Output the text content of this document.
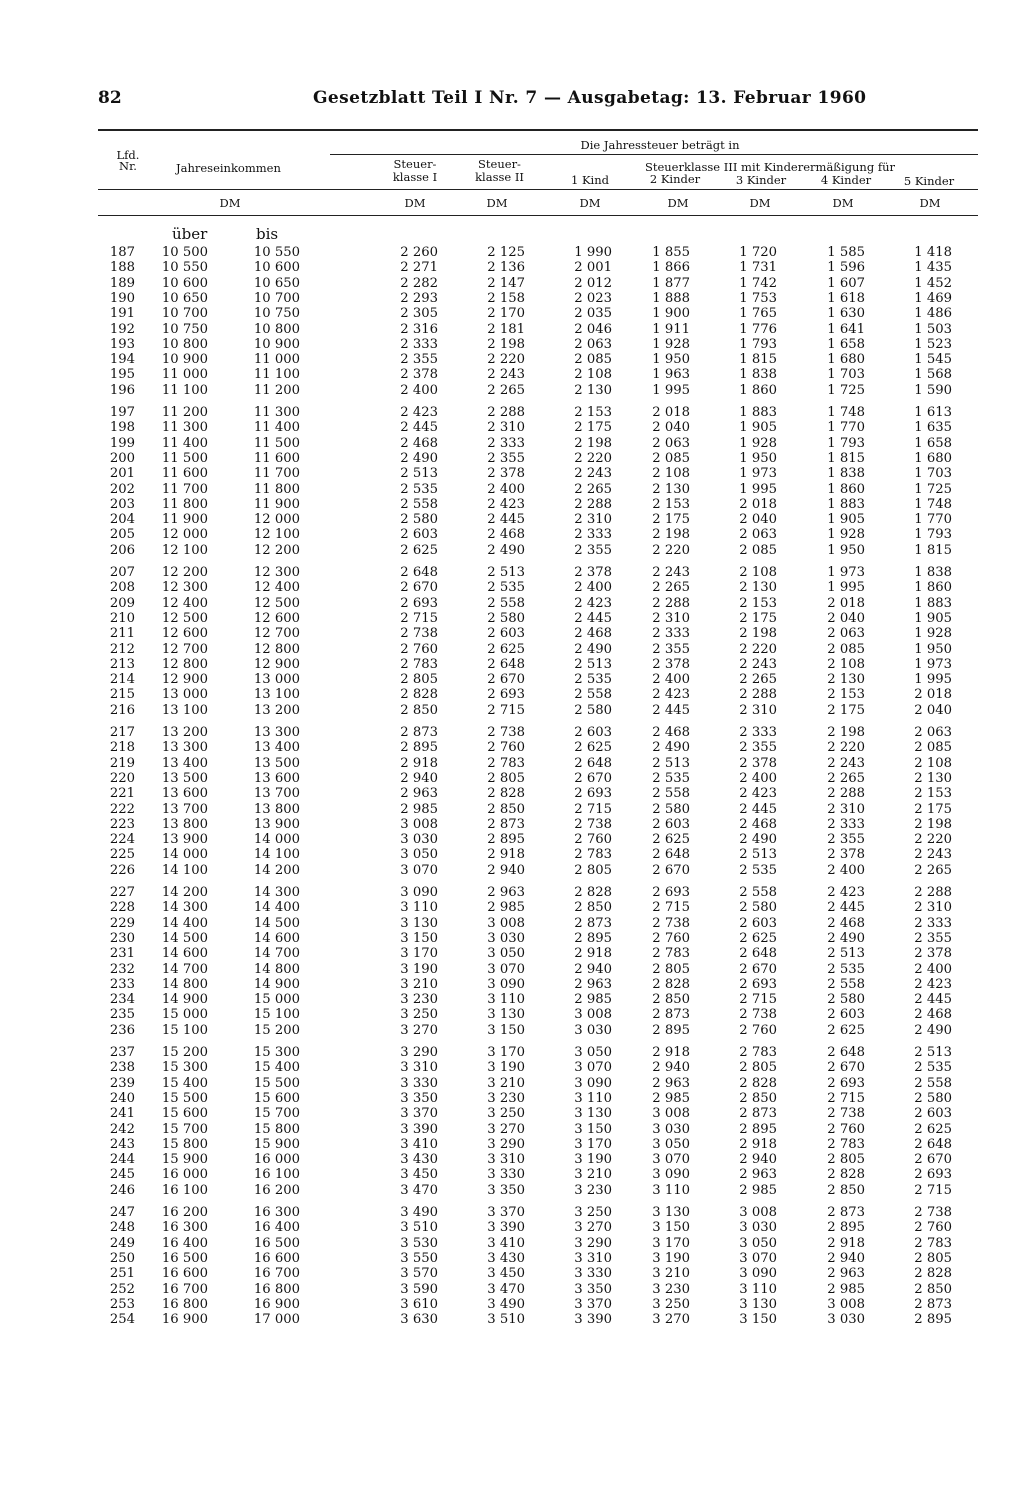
82	Gesetzblatt Teil I Nr. 7 — Ausgabetag: 13. Februar 1960
Lfd.
Nr.	Jahreseinkommen
Die Jahressteuer beträgt in
Steuer-
klasse I
Steuer-
klasse II
Steuerklasse III mit Kinderermäßigung für
1 Kind	2 Kinder	3 Kinder	4 Kinder	5 Kinder
DM	DM	DM	DM	DM	DM	DM	DM
über	bis
187	10 500	10 550	2 260	2 125	1 990	1 855	1 720	1 585	1 418
188	10 550	10 600	2 271	2 136	2 001	1 866	1 731	1 596	1 435
189	10 600	10 650	2 282	2 147	2 012	1 877	1 742	1 607	1 452
190	10 650	10 700	2 293	2 158	2 023	1 888	1 753	1 618	1 469
191	10 700	10 750	2 305	2 170	2 035	1 900	1 765	1 630	1 486
192	10 750	10 800	2 316	2 181	2 046	1 911	1 776	1 641	1 503
193	10 800	10 900	2 333	2 198	2 063	1 928	1 793	1 658	1 523
194	10 900	11 000	2 355	2 220	2 085	1 950	1 815	1 680	1 545
195	11 000	11 100	2 378	2 243	2 108	1 963	1 838	1 703	1 568
196	11 100	11 200	2 400	2 265	2 130	1 995	1 860	1 725	1 590
197	11 200	11 300	2 423	2 288	2 153	2 018	1 883	1 748	1 613
198	11 300	11 400	2 445	2 310	2 175	2 040	1 905	1 770	1 635
199	11 400	11 500	2 468	2 333	2 198	2 063	1 928	1 793	1 658
200	11 500	11 600	2 490	2 355	2 220	2 085	1 950	1 815	1 680
201	11 600	11 700	2 513	2 378	2 243	2 108	1 973	1 838	1 703
202	11 700	11 800	2 535	2 400	2 265	2 130	1 995	1 860	1 725
203	11 800	11 900	2 558	2 423	2 288	2 153	2 018	1 883	1 748
204	11 900	12 000	2 580	2 445	2 310	2 175	2 040	1 905	1 770
205	12 000	12 100	2 603	2 468	2 333	2 198	2 063	1 928	1 793
206	12 100	12 200	2 625	2 490	2 355	2 220	2 085	1 950	1 815
207	12 200	12 300	2 648	2 513	2 378	2 243	2 108	1 973	1 838
208	12 300	12 400	2 670	2 535	2 400	2 265	2 130	1 995	1 860
209	12 400	12 500	2 693	2 558	2 423	2 288	2 153	2 018	1 883
210	12 500	12 600	2 715	2 580	2 445	2 310	2 175	2 040	1 905
211	12 600	12 700	2 738	2 603	2 468	2 333	2 198	2 063	1 928
212	12 700	12 800	2 760	2 625	2 490	2 355	2 220	2 085	1 950
213	12 800	12 900	2 783	2 648	2 513	2 378	2 243	2 108	1 973
214	12 900	13 000	2 805	2 670	2 535	2 400	2 265	2 130	1 995
215	13 000	13 100	2 828	2 693	2 558	2 423	2 288	2 153	2 018
216	13 100	13 200	2 850	2 715	2 580	2 445	2 310	2 175	2 040
217	13 200	13 300	2 873	2 738	2 603	2 468	2 333	2 198	2 063
218	13 300	13 400	2 895	2 760	2 625	2 490	2 355	2 220	2 085
219	13 400	13 500	2 918	2 783	2 648	2 513	2 378	2 243	2 108
220	13 500	13 600	2 940	2 805	2 670	2 535	2 400	2 265	2 130
221	13 600	13 700	2 963	2 828	2 693	2 558	2 423	2 288	2 153
222	13 700	13 800	2 985	2 850	2 715	2 580	2 445	2 310	2 175
223	13 800	13 900	3 008	2 873	2 738	2 603	2 468	2 333	2 198
224	13 900	14 000	3 030	2 895	2 760	2 625	2 490	2 355	2 220
225	14 000	14 100	3 050	2 918	2 783	2 648	2 513	2 378	2 243
226	14 100	14 200	3 070	2 940	2 805	2 670	2 535	2 400	2 265
227	14 200	14 300	3 090	2 963	2 828	2 693	2 558	2 423	2 288
228	14 300	14 400	3 110	2 985	2 850	2 715	2 580	2 445	2 310
229	14 400	14 500	3 130	3 008	2 873	2 738	2 603	2 468	2 333
230	14 500	14 600	3 150	3 030	2 895	2 760	2 625	2 490	2 355
231	14 600	14 700	3 170	3 050	2 918	2 783	2 648	2 513	2 378
232	14 700	14 800	3 190	3 070	2 940	2 805	2 670	2 535	2 400
233	14 800	14 900	3 210	3 090	2 963	2 828	2 693	2 558	2 423
234	14 900	15 000	3 230	3 110	2 985	2 850	2 715	2 580	2 445
235	15 000	15 100	3 250	3 130	3 008	2 873	2 738	2 603	2 468
236	15 100	15 200	3 270	3 150	3 030	2 895	2 760	2 625	2 490
237	15 200	15 300	3 290	3 170	3 050	2 918	2 783	2 648	2 513
238	15 300	15 400	3 310	3 190	3 070	2 940	2 805	2 670	2 535
239	15 400	15 500	3 330	3 210	3 090	2 963	2 828	2 693	2 558
240	15 500	15 600	3 350	3 230	3 110	2 985	2 850	2 715	2 580
241	15 600	15 700	3 370	3 250	3 130	3 008	2 873	2 738	2 603
242	15 700	15 800	3 390	3 270	3 150	3 030	2 895	2 760	2 625
243	15 800	15 900	3 410	3 290	3 170	3 050	2 918	2 783	2 648
244	15 900	16 000	3 430	3 310	3 190	3 070	2 940	2 805	2 670
245	16 000	16 100	3 450	3 330	3 210	3 090	2 963	2 828	2 693
246	16 100	16 200	3 470	3 350	3 230	3 110	2 985	2 850	2 715
247	16 200	16 300	3 490	3 370	3 250	3 130	3 008	2 873	2 738
248	16 300	16 400	3 510	3 390	3 270	3 150	3 030	2 895	2 760
249	16 400	16 500	3 530	3 410	3 290	3 170	3 050	2 918	2 783
250	16 500	16 600	3 550	3 430	3 310	3 190	3 070	2 940	2 805
251	16 600	16 700	3 570	3 450	3 330	3 210	3 090	2 963	2 828
252	16 700	16 800	3 590	3 470	3 350	3 230	3 110	2 985	2 850
253	16 800	16 900	3 610	3 490	3 370	3 250	3 130	3 008	2 873
254	16 900	17 000	3 630	3 510	3 390	3 270	3 150	3 030	2 895
